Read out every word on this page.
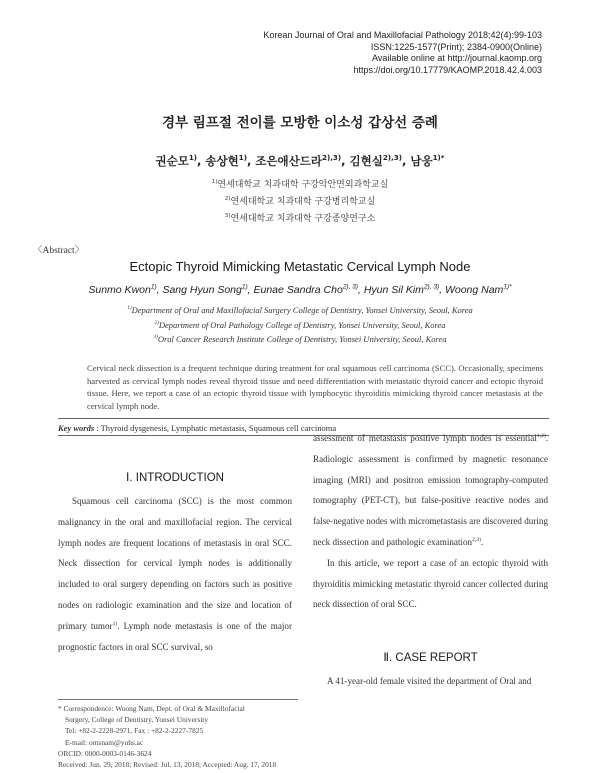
Korean Journal of Oral and Maxillofacial Pathology 2018;42(4):99-103
ISSN:1225-1577(Print); 2384-0900(Online)
Available online at http://journal.kaomp.org
https://doi.org/10.17779/KAOMP.2018.42.4.003
경부 림프절 전이를 모방한 이소성 갑상선 증례
권순모$^{1)}$, 송상현$^{1)}$, 조은애산드라$^{2),3)}$, 김현실$^{2),3)}$, 남웅$^{1)*}$
$^{1)}$연세대학교 치과대학 구강악안면외과학교실
$^{2)}$연세대학교 치과대학 구강병리학교실
$^{3)}$연세대학교 치과대학 구강종양연구소
〈Abstract〉
Ectopic Thyroid Mimicking Metastatic Cervical Lymph Node
Sunmo Kwon$^{1)}$, Sang Hyun Song$^{1)}$, Eunae Sandra Cho$^{2), 3)}$, Hyun Sil Kim$^{2), 3)}$, Woong Nam$^{1)*}$
$^{1)}$Department of Oral and Maxillofacial Surgery College of Dentistry, Yonsei University, Seoul, Korea
$^{2)}$Department of Oral Pathology College of Dentistry, Yonsei University, Seoul, Korea
$^{3)}$Oral Cancer Research Institute College of Dentistry, Yonsei University, Seoul, Korea
Cervical neck dissection is a frequent technique during treatment for oral squamous cell carcinoma (SCC). Occasionally, specimens harvested as cervical lymph nodes reveal thyroid tissue and need differentiation with metastatic thyroid cancer and ectopic thyroid tissue. Here, we report a case of an ectopic thyroid tissue with lymphocytic thyroiditis mimicking thyroid cancer metastasis at the cervical lymph node.
Key words : Thyroid dysgenesis, Lymphatic metastasis, Squamous cell carcinoma
Ⅰ. INTRODUCTION

Squamous cell carcinoma (SCC) is the most common malignancy in the oral and maxillofacial region. The cervical lymph nodes are frequent locations of metastasis in oral SCC. Neck dissection for cervical lymph nodes is additionally included to oral surgery depending on factors such as positive nodes on radiologic examination and the size and location of primary tumor$^{1)}$. Lymph node metastasis is one of the major prognostic factors in oral SCC survival, so

assessment of metastasis positive lymph nodes is essential$^{1,2)}$. Radiologic assessment is confirmed by magnetic resonance imaging (MRI) and positron emission tomography-computed tomography (PET-CT), but false-positive reactive nodes and false-negative nodes with micrometastasis are discovered during neck dissection and pathologic examination$^{2,3)}$.

In this article, we report a case of an ectopic thyroid with thyroiditis mimicking metastatic thyroid cancer collected during neck dissection of oral SCC.

Ⅱ. CASE REPORT
A 41-year-old female visited the department of Oral and
* Correspondence: Woong Nam, Dept. of Oral & Maxillofacial
Surgery, College of Dentistry, Yonsei University
Tel: +82-2-2228-2971, Fax : +82-2-2227-7825
E-mail: omsnam@yuhs.ac
ORCID: 0000-0003-0146-3624
Received: Jun. 29, 2018; Revised: Jul. 13, 2018; Accepted: Aug. 17, 2018
